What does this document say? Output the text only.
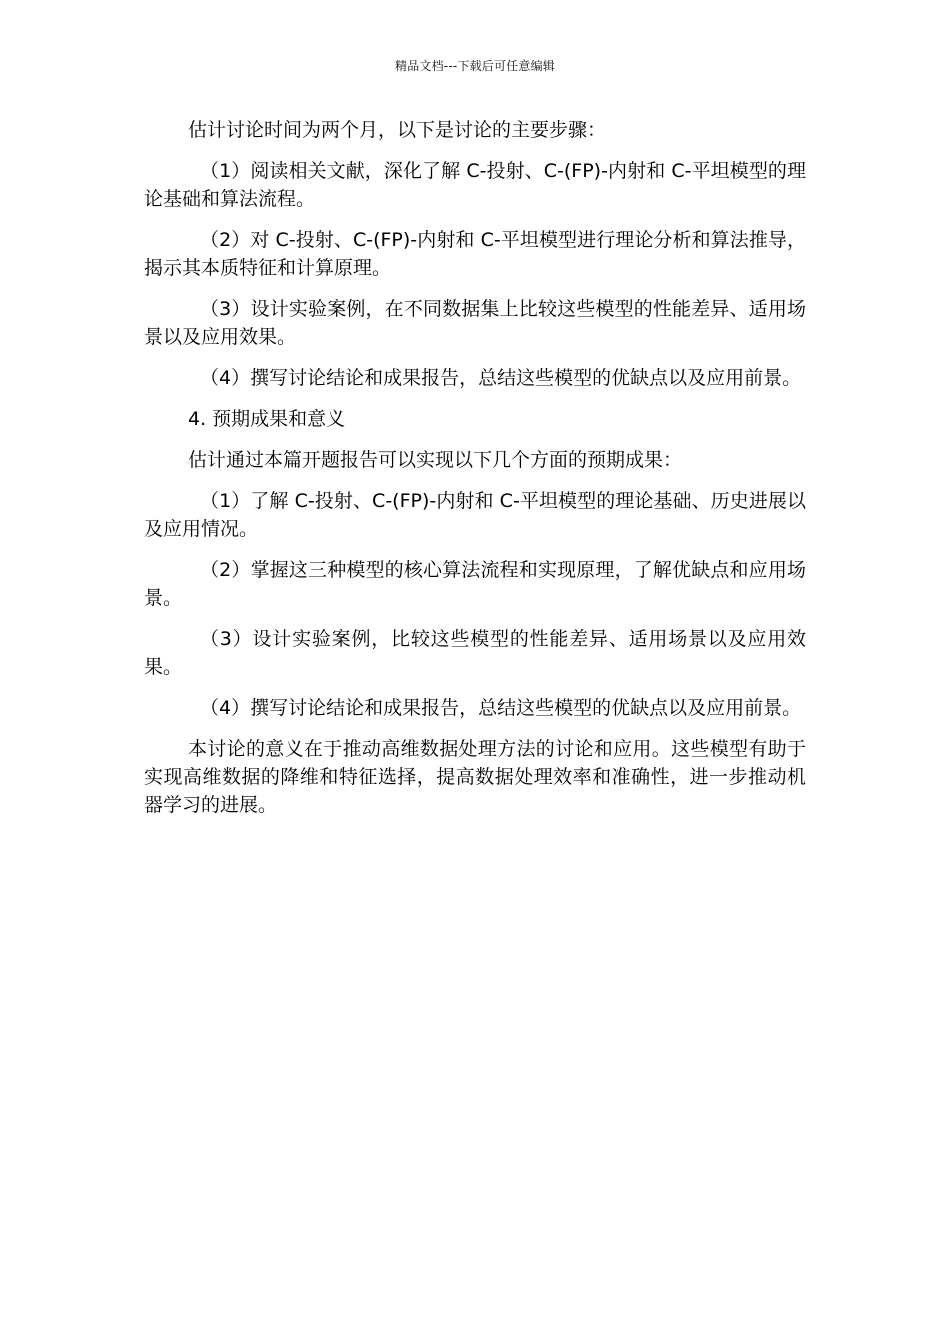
精品文档---下载后可任意编辑

估计讨论时间为两个月，以下是讨论的主要步骤：

（1）阅读相关文献，深化了解 C-投射、C-(FP)-内射和 C-平坦模型的理论基础和算法流程。

（2）对 C-投射、C-(FP)-内射和 C-平坦模型进行理论分析和算法推导，揭示其本质特征和计算原理。

（3）设计实验案例，在不同数据集上比较这些模型的性能差异、适用场景以及应用效果。

（4）撰写讨论结论和成果报告，总结这些模型的优缺点以及应用前景。

4. 预期成果和意义

估计通过本篇开题报告可以实现以下几个方面的预期成果：

（1）了解 C-投射、C-(FP)-内射和 C-平坦模型的理论基础、历史进展以及应用情况。

（2）掌握这三种模型的核心算法流程和实现原理，了解优缺点和应用场景。

（3）设计实验案例，比较这些模型的性能差异、适用场景以及应用效果。

（4）撰写讨论结论和成果报告，总结这些模型的优缺点以及应用前景。

本讨论的意义在于推动高维数据处理方法的讨论和应用。这些模型有助于实现高维数据的降维和特征选择，提高数据处理效率和准确性，进一步推动机器学习的进展。
